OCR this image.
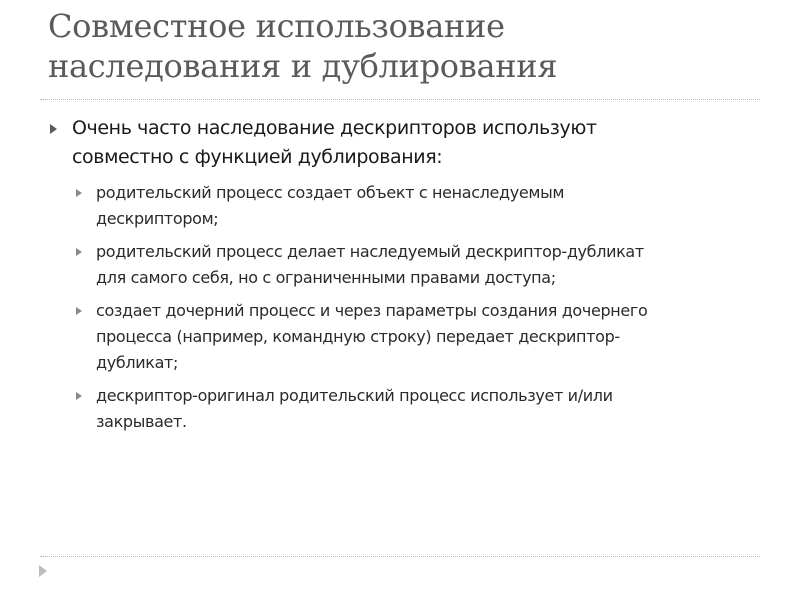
Совместное использование
наследования и дублирования
Очень часто наследование дескрипторов используют
совместно с функцией дублирования:
родительский процесс создает объект с ненаследуемым
дескриптором;
родительский процесс делает наследуемый дескриптор-дубликат
для самого себя, но с ограниченными правами доступа;
создает дочерний процесс и через параметры создания дочернего
процесса (например, командную строку) передает дескриптор-
дубликат;
дескриптор-оригинал родительский процесс использует и/или
закрывает.
